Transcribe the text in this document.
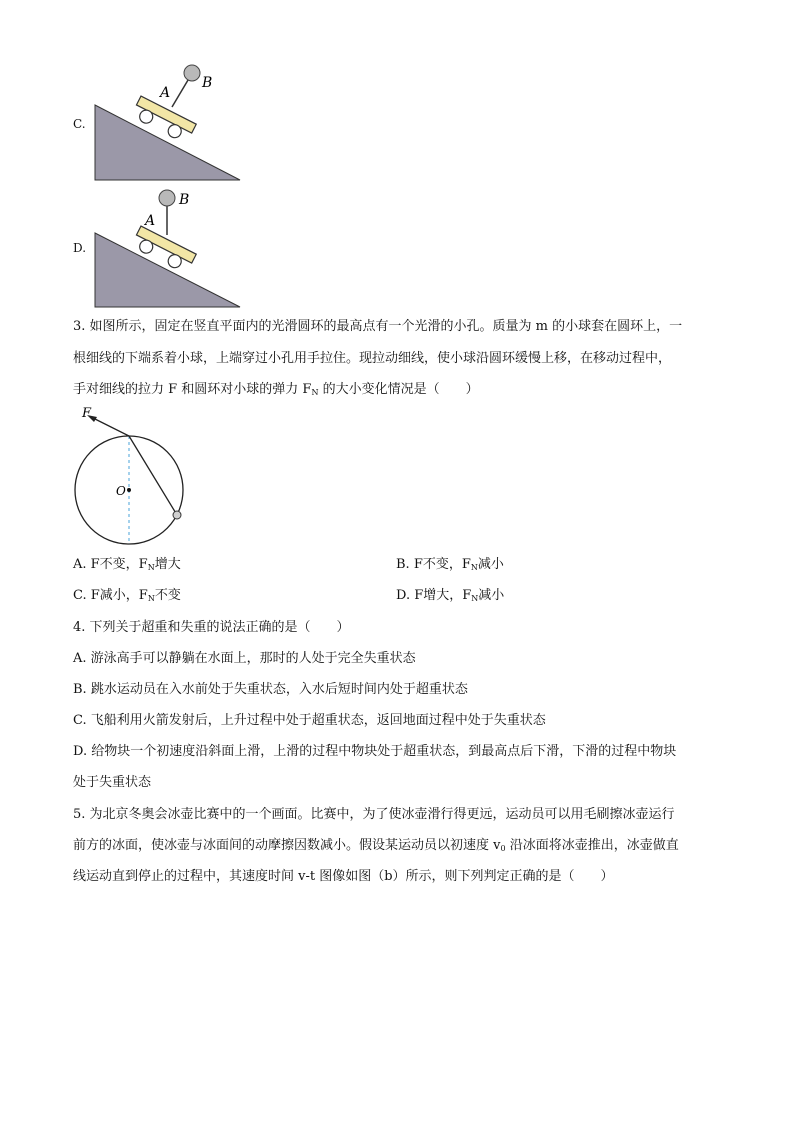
C.
A
B
D.
A
B
3. 如图所示，固定在竖直平面内的光滑圆环的最高点有一个光滑的小孔。质量为 m 的小球套在圆环上，一
根细线的下端系着小球，上端穿过小孔用手拉住。现拉动细线，使小球沿圆环缓慢上移，在移动过程中，
手对细线的拉力 F 和圆环对小球的弹力 $F_N$ 的大小变化情况是（　　）
F
O
A. F不变，$F_N$增大	B. F不变，$F_N$减小
C. F减小，$F_N$不变	D. F增大，$F_N$减小
4. 下列关于超重和失重的说法正确的是（　　）
A. 游泳高手可以静躺在水面上，那时的人处于完全失重状态
B. 跳水运动员在入水前处于失重状态，入水后短时间内处于超重状态
C. 飞船利用火箭发射后，上升过程中处于超重状态，返回地面过程中处于失重状态
D. 给物块一个初速度沿斜面上滑，上滑的过程中物块处于超重状态，到最高点后下滑，下滑的过程中物块
处于失重状态
5. 为北京冬奥会冰壶比赛中的一个画面。比赛中，为了使冰壶滑行得更远，运动员可以用毛刷擦冰壶运行
前方的冰面，使冰壶与冰面间的动摩擦因数减小。假设某运动员以初速度 $v_0$ 沿冰面将冰壶推出，冰壶做直
线运动直到停止的过程中，其速度时间 v-t 图像如图（b）所示，则下列判定正确的是（　　）
